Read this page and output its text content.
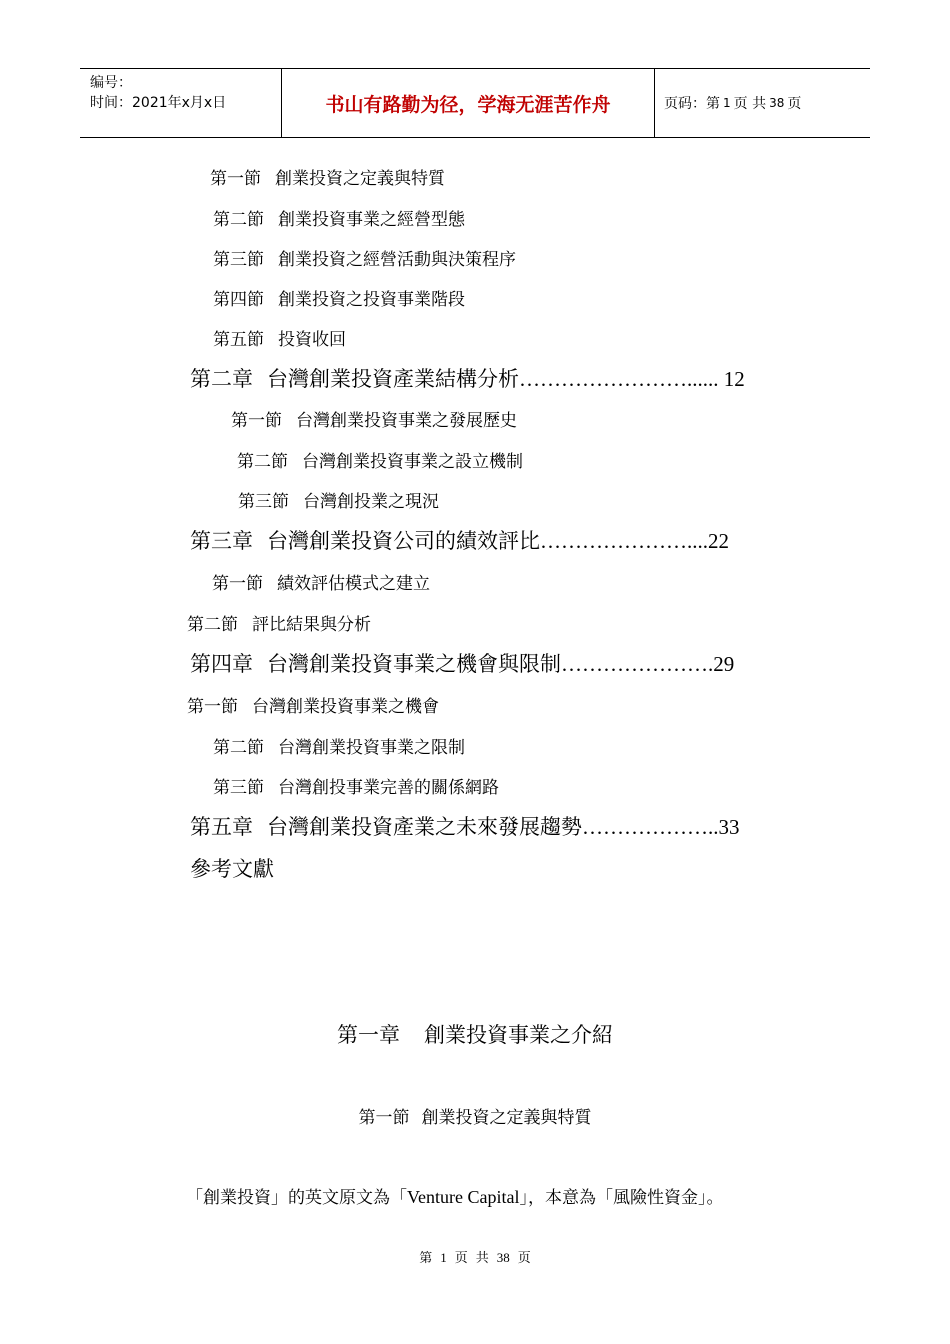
编号：
时间：2021年x月x日	书山有路勤为径，学海无涯苦作舟	页码：第 1 页 共 38 页
第一節 創業投資之定義與特質
第二節 創業投資事業之經營型態
第三節 創業投資之經營活動與決策程序
第四節 創業投資之投資事業階段
第五節 投資收回
第二章 台灣創業投資產業結構分析……………………...... 12
第一節 台灣創業投資事業之發展歷史
第二節 台灣創業投資事業之設立機制
第三節 台灣創投業之現況
第三章 台灣創業投資公司的績效評比…………………....22
第一節 績效評估模式之建立
第二節 評比結果與分析
第四章 台灣創業投資事業之機會與限制………………….29
第一節 台灣創業投資事業之機會
第二節 台灣創業投資事業之限制
第三節 台灣創投事業完善的關係網路
第五章 台灣創業投資產業之未來發展趨勢………………..33
參考文獻
第一章 創業投資事業之介紹
第一節 創業投資之定義與特質
「創業投資」的英文原文為「Venture Capital」，本意為「風險性資金」。
第 1 页 共 38 页
